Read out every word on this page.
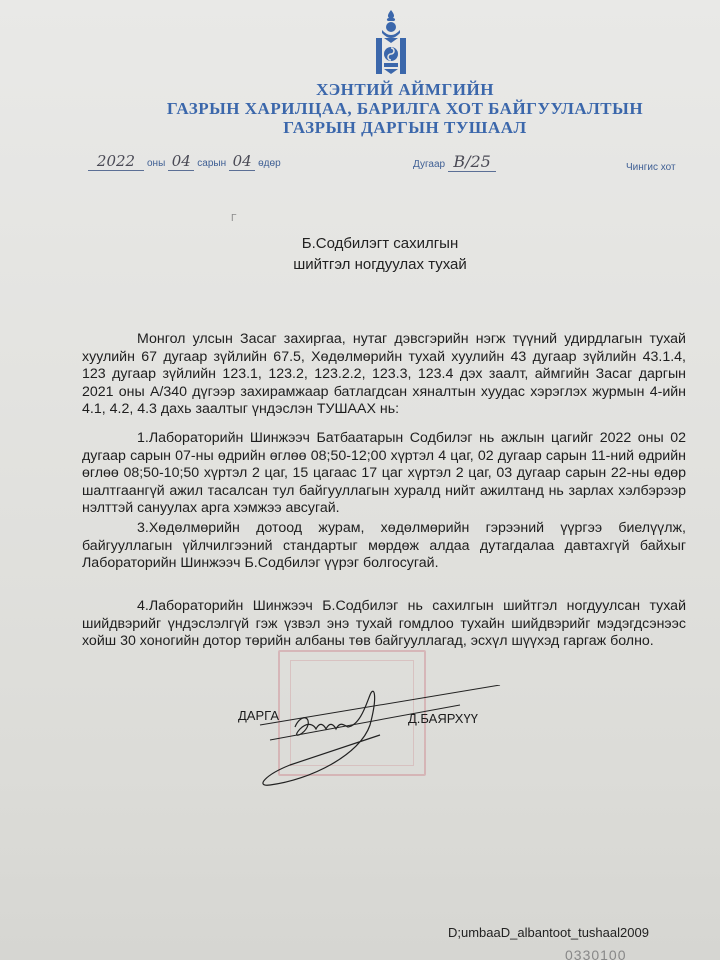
ХЭНТИЙ АЙМГИЙН
ГАЗРЫН ХАРИЛЦАА, БАРИЛГА ХОТ БАЙГУУЛАЛТЫН
ГАЗРЫН ДАРГЫН ТУШААЛ
2022 оны 04 сарын 04 өдөр	Дугаар В/25	Чингис хот
Г
Б.Содбилэгт сахилгын
шийтгэл ногдуулах тухай
Монгол улсын Засаг захиргаа, нутаг дэвсгэрийн нэгж түүний удирдлагын тухай хуулийн 67 дугаар зүйлийн 67.5, Хөдөлмөрийн тухай хуулийн 43 дугаар зүйлийн 43.1.4, 123 дугаар зүйлийн 123.1, 123.2, 123.2.2, 123.3, 123.4 дэх заалт, аймгийн Засаг даргын 2021 оны А/340 дүгээр захирамжаар батлагдсан хяналтын хуудас хэрэглэх журмын 4-ийн 4.1, 4.2, 4.3 дахь заалтыг үндэслэн ТУШААХ нь:
1.Лабораторийн Шинжээч Батбаатарын Содбилэг нь ажлын цагийг 2022 оны 02 дугаар сарын 07-ны өдрийн өглөө 08;50-12;00 хүртэл 4 цаг, 02 дугаар сарын 11-ний өдрийн өглөө 08;50-10;50 хүртэл 2 цаг, 15 цагаас 17 цаг хүртэл 2 цаг, 03 дугаар сарын 22-ны өдөр шалтгаангүй ажил тасалсан тул байгууллагын хуралд нийт ажилтанд нь зарлах хэлбэрээр нэлттэй сануулах арга хэмжээ авсугай.
3.Хөдөлмөрийн дотоод журам, хөдөлмөрийн гэрээний үүргээ биелүүлж, байгууллагын үйлчилгээний стандартыг мөрдөж алдаа дутагдалаа давтахгүй байхыг Лабораторийн Шинжээч Б.Содбилэг үүрэг болгосугай.
4.Лабораторийн Шинжээч Б.Содбилэг нь сахилгын шийтгэл ногдуулсан тухай шийдвэрийг үндэслэлгүй гэж үзвэл энэ тухай гомдлоо тухайн шийдвэрийг мэдэгдсэнээс хойш 30 хоногийн дотор төрийн албаны төв байгууллагад, эсхүл шүүхэд гаргаж болно.
ДАРГА	Д.БАЯРХҮҮ
D;umbaaD_albantoot_tushaal2009
0330100
